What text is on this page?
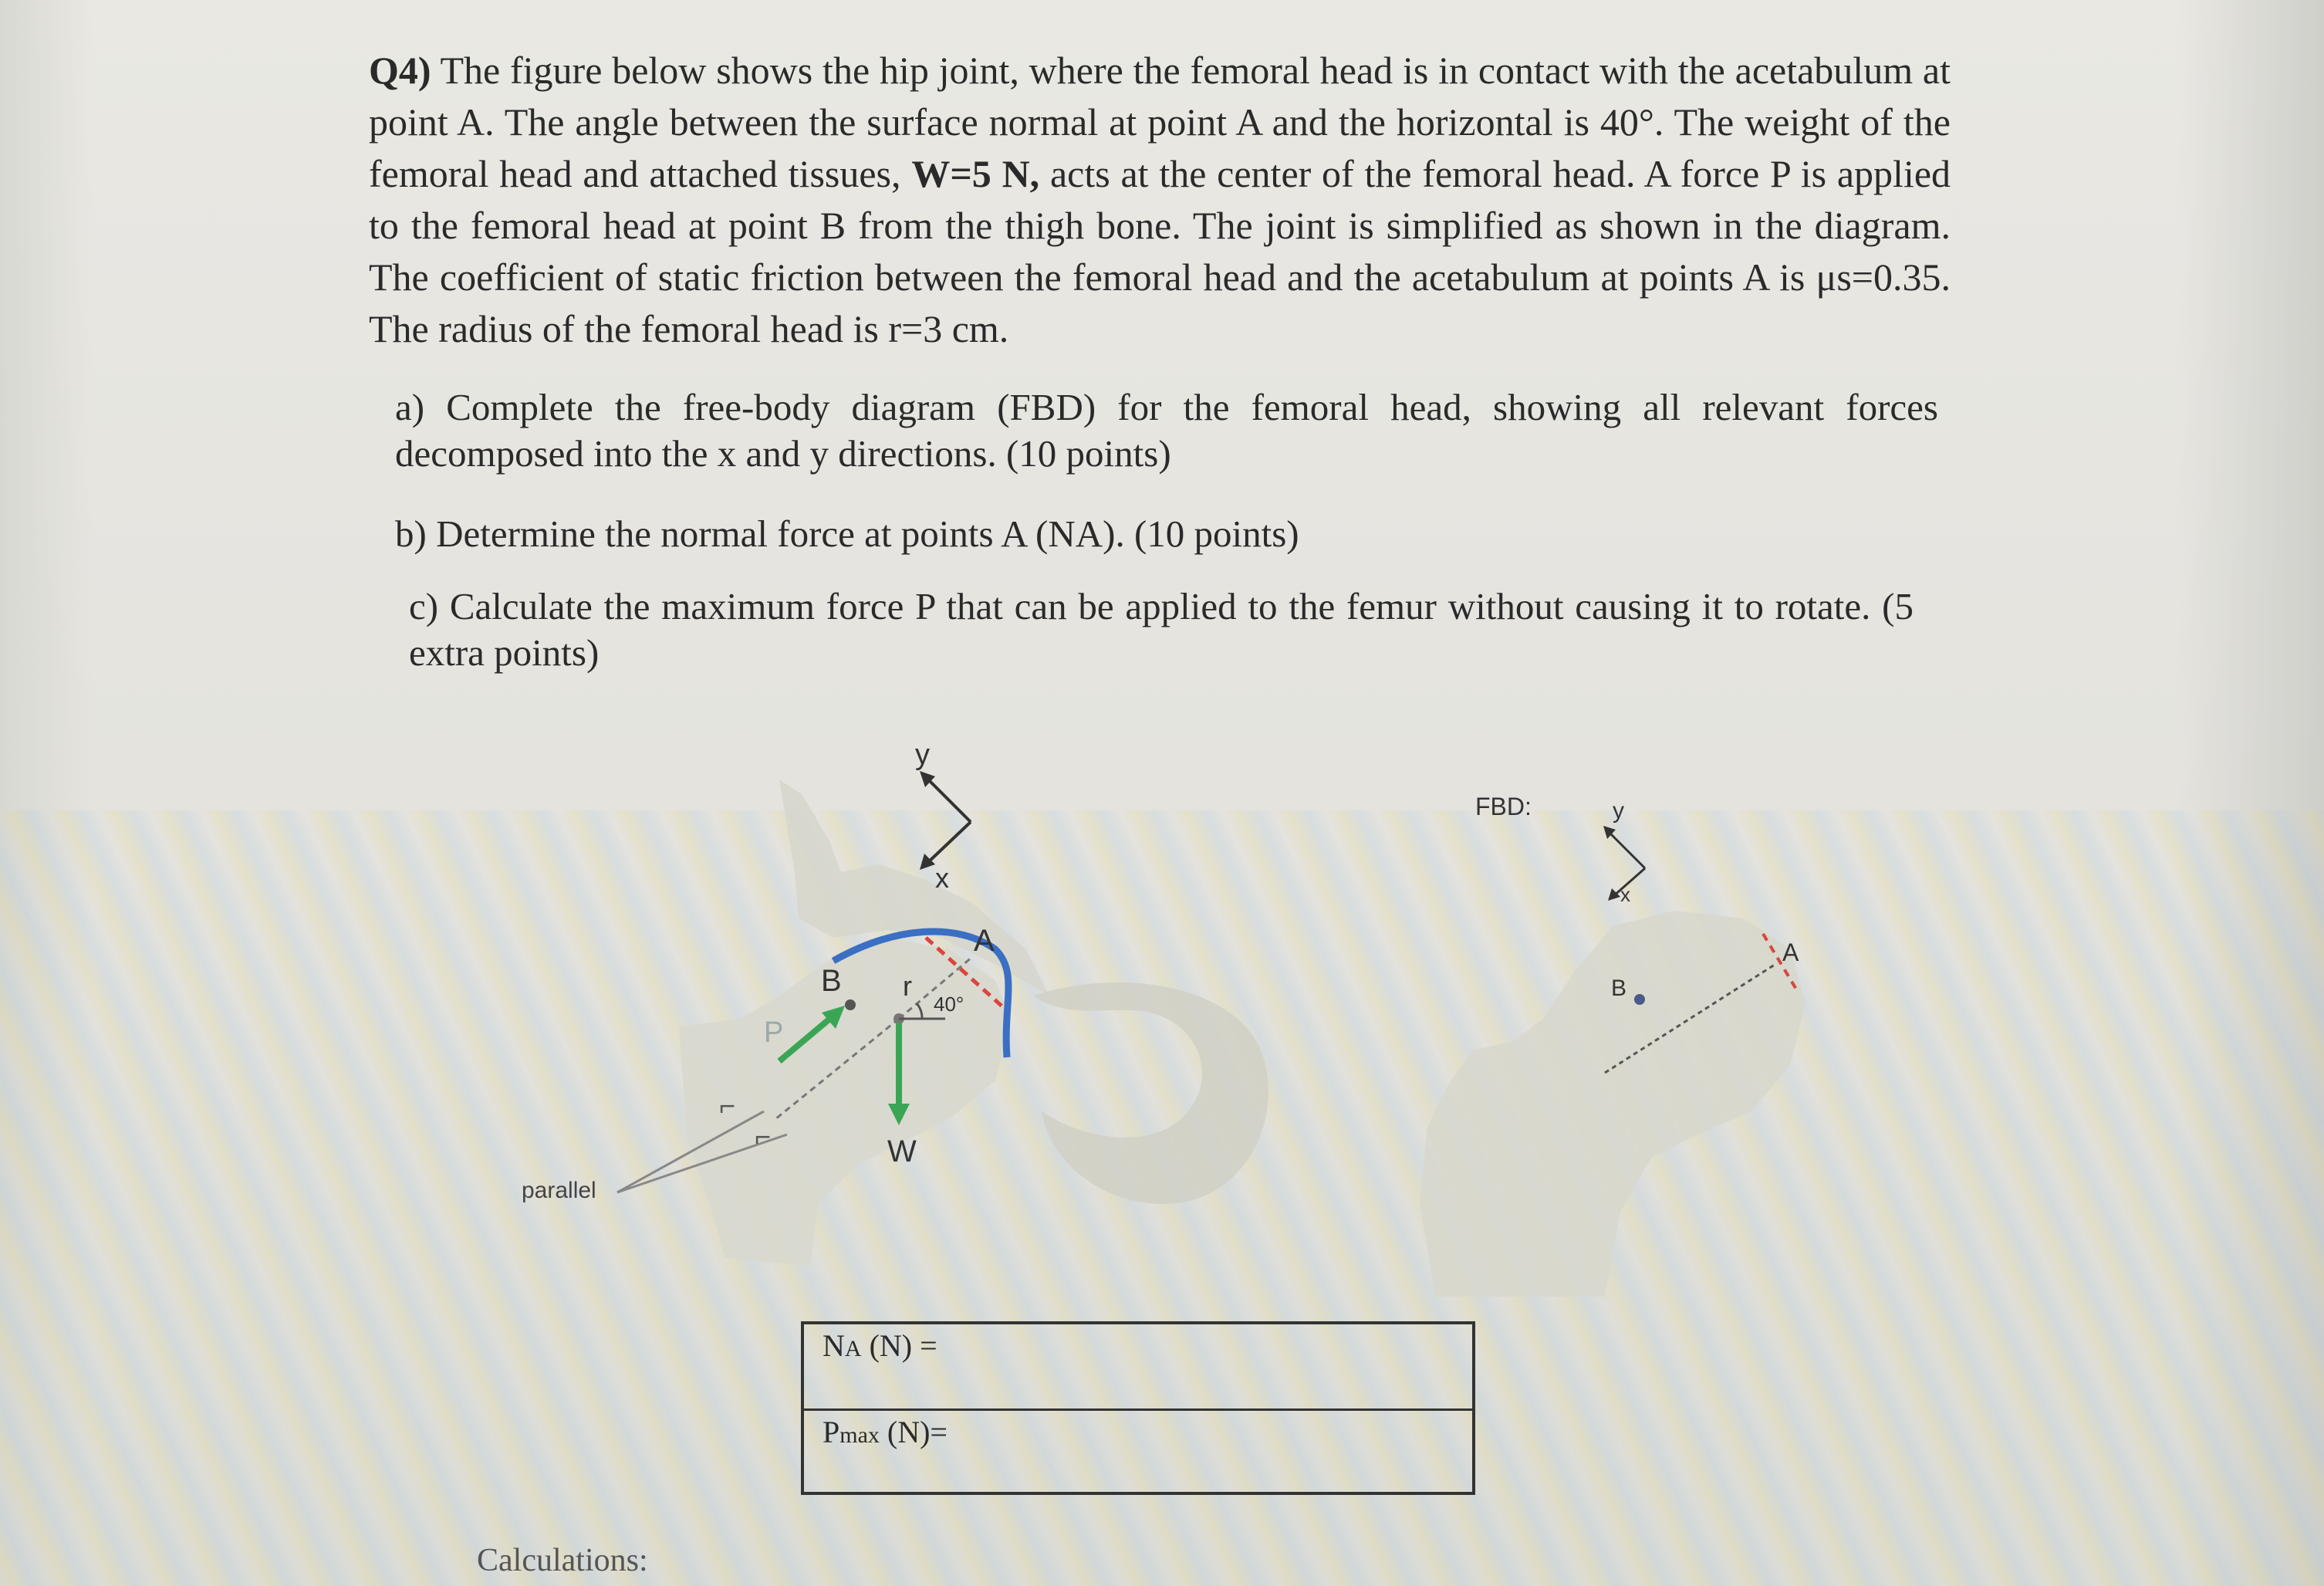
Q4) The figure below shows the hip joint, where the femoral head is in contact with the acetabulum at point A. The angle between the surface normal at point A and the horizontal is 40°. The weight of the femoral head and attached tissues, W=5 N, acts at the center of the femoral head. A force P is applied to the femoral head at point B from the thigh bone. The joint is simplified as shown in the diagram. The coefficient of static friction between the femoral head and the acetabulum at points A is μs=0.35. The radius of the femoral head is r=3 cm.
a) Complete the free-body diagram (FBD) for the femoral head, showing all relevant forces decomposed into the x and y directions. (10 points)
b) Determine the normal force at points A (NA). (10 points)
c) Calculate the maximum force P that can be applied to the femur without causing it to rotate. (5 extra points)
⌐
⌐
y
x
A
B r
40°
P
W
parallel
FBD:	y
x
A
B
NA (N) =
Pmax (N)=
Calculations:
